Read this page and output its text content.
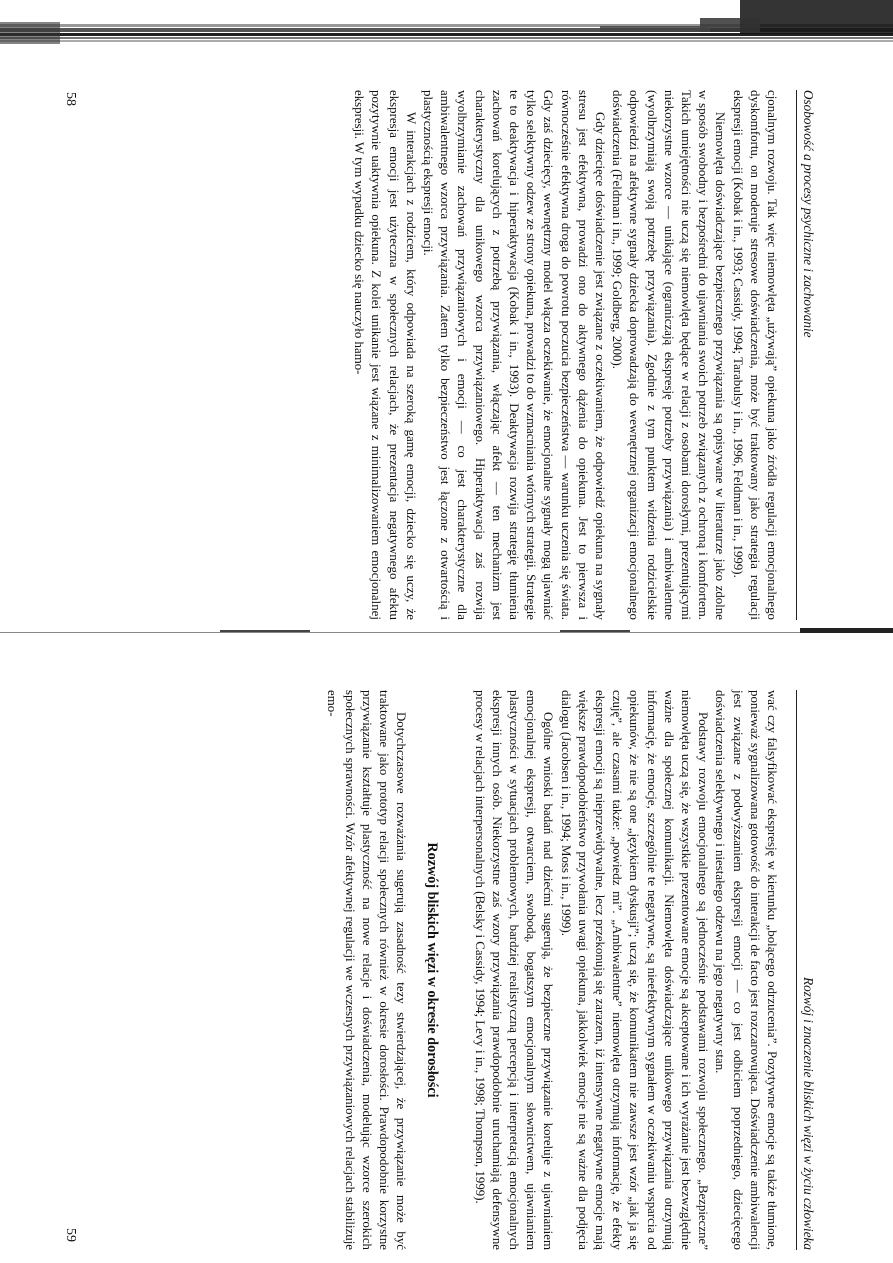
Osobowość a procesy psychiczne i zachowanie

cjonalnym rozwoju. Tak więc niemowlęta „używają” opiekuna jako źródła regulacji emocjonalnego dyskomfortu, on moderuje stresowe doświadczenia, może być traktowany jako strategia regulacji ekspresji emocji (Kobak i in., 1993; Cassidy, 1994; Tarabulsy i in., 1996, Feldman i in., 1999).

Niemowlęta doświadczające bezpiecznego przywiązania są opisywane w literaturze jako zdolne w sposób swobodny i bezpośredni do ujawniania swoich potrzeb związanych z ochroną i komfortem. Takich umiejętności nie uczą się niemowlęta będące w relacji z osobami dorosłymi, prezentującymi niekorzystne wzorce — unikające (ograniczają ekspresję potrzeby przywiązania) i ambiwalentne (wyolbrzymiają swoją potrzebę przywiązania). Zgodnie z tym punktem widzenia rodzicielskie odpowiedzi na afektywne sygnały dziecka doprowadzają do wewnętrznej organizacji emocjonalnego doświadczenia (Feldman i in., 1999; Goldberg, 2000).

Gdy dziecięce doświadczenie jest związane z oczekiwaniem, że odpowiedź opiekuna na sygnały stresu jest efektywna, prowadzi ono do aktywnego dążenia do opiekuna. Jest to pierwsza i równocześnie efektywna droga do powrotu poczucia bezpieczeństwa — warunku uczenia się świata. Gdy zaś dziecięcy, wewnętrzny model włącza oczekiwanie, że emocjonalne sygnały mogą ujawniać tylko selektywny odzew ze strony opiekuna, prowadzi to do wzmacniania wtórnych strategii. Strategie te to deaktywacja i hiperaktywacja (Kobak i in., 1993). Deaktywacja rozwija strategię tłumienia zachowań korelujących z potrzebą przywiązania, włączając afekt — ten mechanizm jest charakterystyczny dla unikowego wzorca przywiązaniowego. Hiperaktywacja zaś rozwija wyolbrzymianie zachowań przywiązaniowych i emocji — co jest charakterystyczne dla ambiwalentnego wzorca przywiązania. Zatem tylko bezpieczeństwo jest łączone z otwartością i plastycznością ekspresji emocji.

W interakcjach z rodzicem, który odpowiada na szeroką gamę emocji, dziecko się uczy, że ekspresja emocji jest użyteczna w społecznych relacjach, że prezentacja negatywnego afektu pozytywnie uaktywnia opiekuna. Z kolei unikanie jest wiązane z minimalizowaniem emocjonalnej ekspresji. W tym wypadku dziecko się nauczyło hamo-

58
Rozwój i znaczenie bliskich więzi w życiu człowieka

wać czy falsyfikować ekspresję w kierunku „bolącego odrzucenia”. Pozytywne emocje są także tłumione, ponieważ sygnalizowana gotowość do interakcji de facto jest rozczarowująca. Doświadczenie ambiwalencji jest związane z podwyższaniem ekspresji emocji — co jest odbiciem poprzedniego, dziecięcego doświadczenia selektywnego i niestałego odzewu na jego negatywny stan.

Podstawy rozwoju emocjonalnego są jednocześnie podstawami rozwoju społecznego. „Bezpieczne” niemowlęta uczą się, że wszystkie prezentowane emocje są akceptowane i ich wyrażanie jest bezwzględnie ważne dla społecznej komunikacji. Niemowlęta doświadczające unikowego przywiązania otrzymują informację, że emocje, szczególnie te negatywne, są nieefektywnym sygnałem w oczekiwaniu wsparcia od opiekunów, że nie są one „językiem dyskusji”; uczą się, że komunikatem nie zawsze jest wzór „jak ja się czuję”, ale czasami także: „powiedz mi”. „Ambiwalentne” niemowlęta otrzymują informację, że efekty ekspresji emocji są nieprzewidywalne, lecz przekonują się zarazem, iż intensywne negatywne emocje mają większe prawdopodobieństwo przywołania uwagi opiekuna, jakkolwiek emocje nie są ważne dla podjęcia dialogu (Jacobsen i in., 1994; Moss i in., 1999).

Ogólne wnioski badań nad dziećmi sugerują, że bezpieczne przywiązanie koreluje z ujawnianiem emocjonalnej ekspresji, otwarciem, swobodą, bogatszym emocjonalnym słownictwem, ujawnianiem plastyczności w sytuacjach problemowych, bardziej realistyczną percepcją i interpretacją emocjonalnych ekspresji innych osób. Niekorzystne zaś wzory przywiązania prawdopodobnie uruchamiają defensywne procesy w relacjach interpersonalnych (Belsky i Cassidy, 1994; Levy i in., 1998; Thompson, 1999).

Rozwój bliskich więzi w okresie dorosłości

Dotychczasowe rozważania sugerują zasadność tezy stwierdzającej, że przywiązanie może być traktowane jako prototyp relacji społecznych również w okresie dorosłości. Prawdopodobnie korzystne przywiązanie kształtuje plastyczność na nowe relacje i doświadczenia, modelując wzorce szerokich społecznych sprawności. Wzór afektywnej regulacji we wczesnych przywiązaniowych relacjach stabilizuje emo-

59
